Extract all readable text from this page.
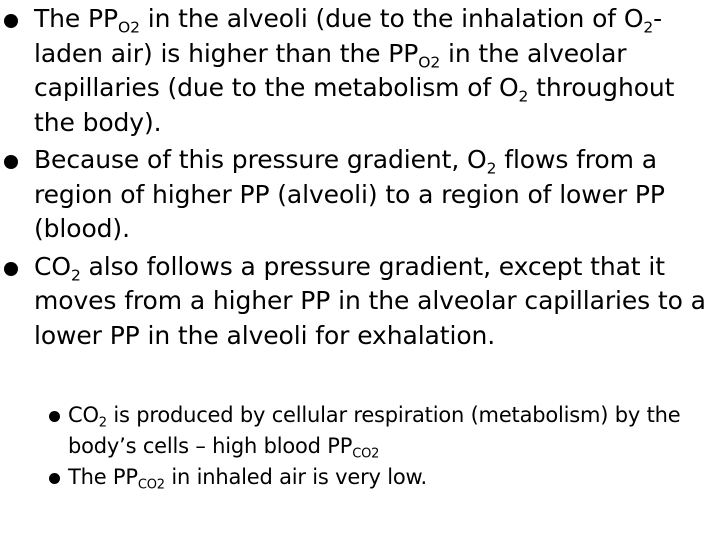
The $PP_{O2}$ in the alveoli (due to the inhalation of $O_2$-laden air) is higher than the $PP_{O2}$ in the alveolar capillaries (due to the metabolism of $O_2$ throughout the body).
Because of this pressure gradient, $O_2$ flows from a region of higher PP (alveoli) to a region of lower PP (blood).
$CO_2$ also follows a pressure gradient, except that it moves from a higher PP in the alveolar capillaries to a lower PP in the alveoli for exhalation.
$CO_2$ is produced by cellular respiration (metabolism) by the body’s cells – high blood $PP_{CO2}$
The $PP_{CO2}$ in inhaled air is very low.
